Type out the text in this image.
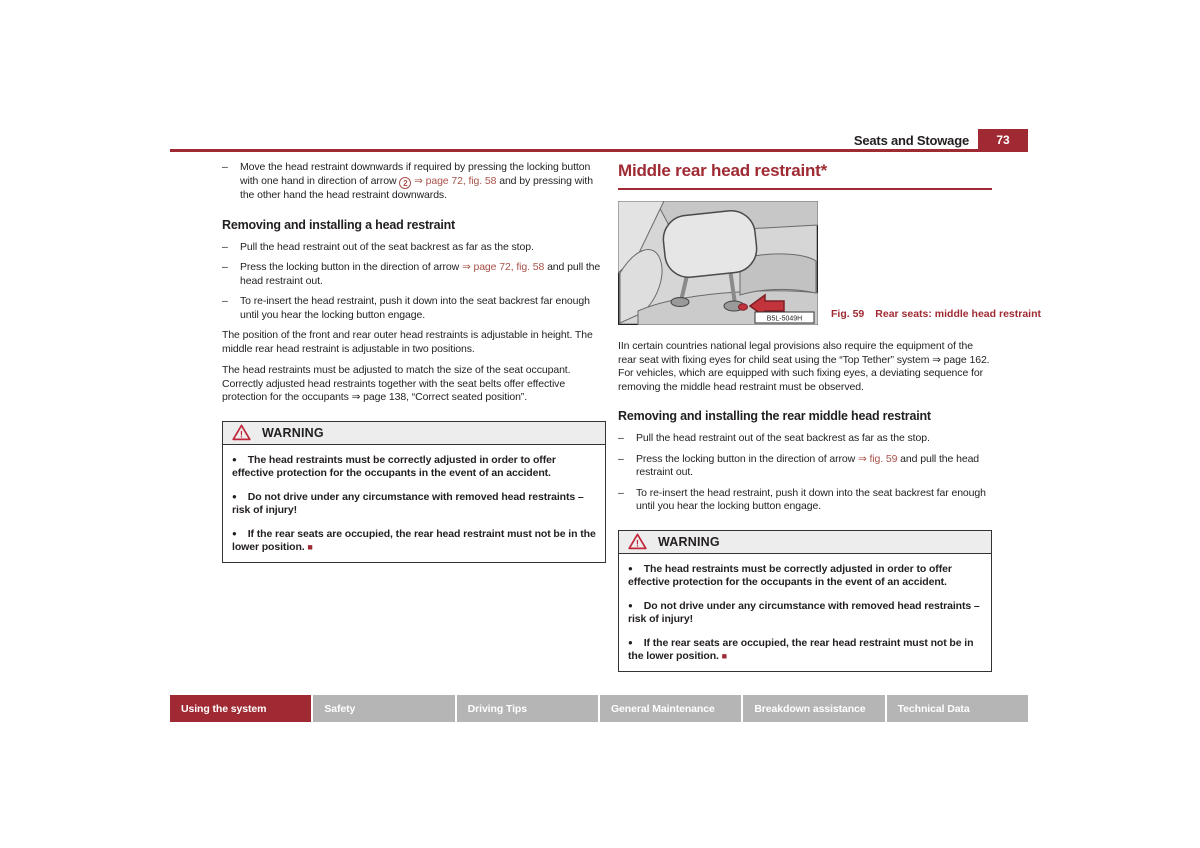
Seats and Stowage	73
–	Move the head restraint downwards if required by pressing the locking button with one hand in direction of arrow 2 ⇒ page 72, fig. 58 and by pressing with the other hand the head restraint downwards.
Removing and installing a head restraint
–	Pull the head restraint out of the seat backrest as far as the stop.
–	Press the locking button in the direction of arrow ⇒ page 72, fig. 58 and pull the head restraint out.
–	To re-insert the head restraint, push it down into the seat backrest far enough until you hear the locking button engage.

The position of the front and rear outer head restraints is adjustable in height. The middle rear head restraint is adjustable in two positions.

The head restraints must be adjusted to match the size of the seat occupant. Correctly adjusted head restraints together with the seat belts offer effective protection for the occupants ⇒ page 138, “Correct seated position”.

! WARNING
● The head restraints must be correctly adjusted in order to offer effective protection for the occupants in the event of an accident.
● Do not drive under any circumstance with removed head restraints – risk of injury!
● If the rear seats are occupied, the rear head restraint must not be in the lower position. ■
Middle rear head restraint*
B5L-5049H	Fig. 59 Rear seats: middle head restraint

IIn certain countries national legal provisions also require the equipment of the rear seat with fixing eyes for child seat using the “Top Tether” system ⇒ page 162. For vehicles, which are equipped with such fixing eyes, a deviating sequence for removing the middle head restraint must be observed.

Removing and installing the rear middle head restraint
–	Pull the head restraint out of the seat backrest as far as the stop.
–	Press the locking button in the direction of arrow ⇒ fig. 59 and pull the head restraint out.
–	To re-insert the head restraint, push it down into the seat backrest far enough until you hear the locking button engage.
! WARNING
● The head restraints must be correctly adjusted in order to offer effective protection for the occupants in the event of an accident.
● Do not drive under any circumstance with removed head restraints – risk of injury!
● If the rear seats are occupied, the rear head restraint must not be in the lower position. ■
Using the system	Safety	Driving Tips	General Maintenance	Breakdown assistance	Technical Data
